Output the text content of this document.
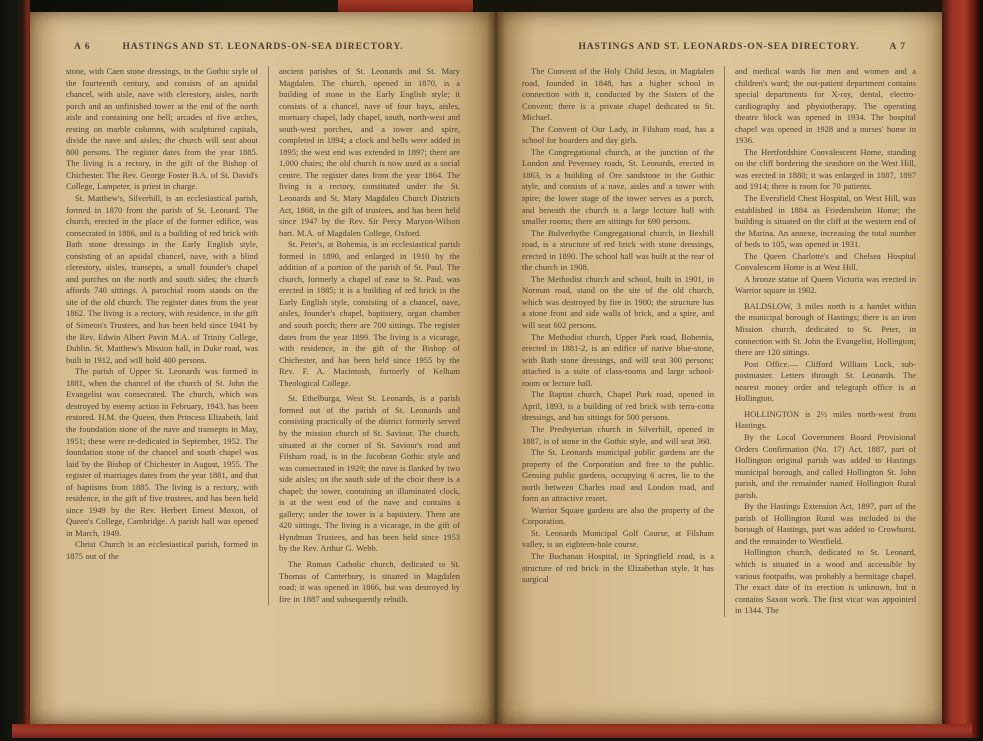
A 6	HASTINGS AND ST. LEONARDS-ON-SEA DIRECTORY.

stone, with Caen stone dressings, in the Gothic style of the fourteenth century, and consists of an apsidal chancel, with aisle, nave with clerestory, aisles, north porch and an unfinished tower at the end of the north aisle and containing one bell; arcades of five arches, resting on marble columns, with sculptured capitals, divide the nave and aisles; the church will seat about 800 persons. The register dates from the year 1885. The living is a rectory, in the gift of the Bishop of Chichester. The Rev. George Foster B.A. of St. David's College, Lampeter, is priest in charge.

St. Matthew's, Silverhill, is an ecclesiastical parish, formed in 1870 from the parish of St. Leonard. The church, erected in the place of the former edifice, was consecrated in 1886, and is a building of red brick with Bath stone dressings in the Early English style, consisting of an apsidal chancel, nave, with a blind clerestory, aisles, transepts, a small founder's chapel and porches on the north and south sides; the church affords 740 sittings. A parochial room stands on the site of the old church. The register dates from the year 1862. The living is a rectory, with residence, in the gift of Simeon's Trustees, and has been held since 1941 by the Rev. Edwin Albert Pavitt M.A. of Trinity College, Dublin. St. Matthew's Mission hall, in Duke road, was built in 1912, and will hold 400 persons.

The parish of Upper St. Leonards was formed in 1881, when the chancel of the church of St. John the Evangelist was consecrated. The church, which was destroyed by enemy action in February, 1943, has been restored. H.M. the Queen, then Princess Elizabeth, laid the foundation stone of the nave and transepts in May, 1951; these were re-dedicated in September, 1952. The foundation stone of the chancel and south chapel was laid by the Bishop of Chichester in August, 1955. The register of marriages dates from the year 1881, and that of baptisms from 1885. The living is a rectory, with residence, in the gift of five trustees, and has been held since 1949 by the Rev. Herbert Ernest Moxon, of Queen's College, Cambridge. A parish hall was opened in March, 1949.

Christ Church is an ecclesiastical parish, formed in 1875 out of the

ancient parishes of St. Leonards and St. Mary Magdalen. The church, opened in 1870, is a building of stone in the Early English style; it consists of a chancel, nave of four bays, aisles, mortuary chapel, lady chapel, south, north-west and south-west porches, and a tower and spire, completed in 1894; a clock and bells were added in 1895; the west end was extended in 1897; there are 1,000 chairs; the old church is now used as a social centre. The register dates from the year 1864. The living is a rectory, constituted under the St. Leonards and St. Mary Magdalen Church Districts Act, 1868, in the gift of trustees, and has been held since 1947 by the Rev. Sir Percy Maryon-Wilson bart. M.A. of Magdalen College, Oxford.

St. Peter's, at Bohemia, is an ecclesiastical parish formed in 1890, and enlarged in 1910 by the addition of a portion of the parish of St. Paul. The church, formerly a chapel of ease to St. Paul, was erected in 1885; it is a building of red brick in the Early English style, consisting of a chancel, nave, aisles, founder's chapel, baptistery, organ chamber and south porch; there are 700 sittings. The register dates from the year 1899. The living is a vicarage, with residence, in the gift of the Bishop of Chichester, and has been held since 1955 by the Rev. F. A. Macintosh, formerly of Kelham Theological College.

St. Ethelburga, West St. Leonards, is a parish formed out of the parish of St. Leonards and consisting practically of the district formerly served by the mission church of St. Saviour. The church, situated at the corner of St. Saviour's road and Filsham road, is in the Jacobean Gothic style and was consecrated in 1929; the nave is flanked by two side aisles; on the south side of the choir there is a chapel; the tower, containing an illuminated clock, is at the west end of the nave and contains a gallery; under the tower is a baptistery. There are 420 sittings. The living is a vicarage, in the gift of Hyndman Trustees, and has been held since 1953 by the Rev. Arthur G. Webb.

The Roman Catholic church, dedicated to St. Thomas of Canterbury, is situated in Magdalen road; it was opened in 1866, but was destroyed by fire in 1887 and subsequently rebuilt.

HASTINGS AND ST. LEONARDS-ON-SEA DIRECTORY.	A 7

The Convent of the Holy Child Jesus, in Magdalen road, founded in 1848, has a higher school in connection with it, conducted by the Sisters of the Convent; there is a private chapel dedicated to St. Michael.

The Convent of Our Lady, in Filsham road, has a school for boarders and day girls.

The Congregational church, at the junction of the London and Pevensey roads, St. Leonards, erected in 1863, is a building of Ore sandstone in the Gothic style, and consists of a nave, aisles and a tower with spire; the lower stage of the tower serves as a porch, and beneath the church is a large lecture hall with smaller rooms; there are sittings for 690 persons.

The Bulverhythe Congregational church, in Bexhill road, is a structure of red brick with stone dressings, erected in 1890. The school hall was built at the rear of the church in 1908.

The Methodist church and school, built in 1901, in Norman road, stand on the site of the old church, which was destroyed by fire in 1900; the structure has a stone front and side walls of brick, and a spire, and will seat 602 persons.

The Methodist church, Upper Park road, Bohemia, erected in 1881-2, is an edifice of native blue-stone, with Bath stone dressings, and will seat 300 persons; attached is a suite of class-rooms and large school-room or lecture hall.

The Baptist church, Chapel Park road, opened in April, 1893, is a building of red brick with terra-cotta dressings, and has sittings for 500 persons.

The Presbyterian church in Silverhill, opened in 1887, is of stone in the Gothic style, and will seat 360.

The St. Leonards municipal public gardens are the property of the Corporation and free to the public. Gensing public gardens, occupying 6 acres, lie to the north between Charles road and London road, and form an attractive resort.

Warrior Square gardens are also the property of the Corporation.

St. Leonards Municipal Golf Course, at Filsham valley, is an eighteen-hole course.

The Buchanan Hospital, in Springfield road, is a structure of red brick in the Elizabethan style. It has surgical

and medical wards for men and women and a children's ward; the out-patient department contains special departments for X-ray, dental, electro-cardiography and physiotherapy. The operating theatre block was opened in 1934. The hospital chapel was opened in 1928 and a nurses' home in 1936.

The Hertfordshire Convalescent Home, standing on the cliff bordering the seashore on the West Hill, was erected in 1880; it was enlarged in 1887, 1897 and 1914; there is room for 70 patients.

The Eversfield Chest Hospital, on West Hill, was established in 1884 as Friedensheim Home; the building is situated on the cliff at the western end of the Marina. An annexe, increasing the total number of beds to 105, was opened in 1931.

The Queen Charlotte's and Chelsea Hospital Convalescent Home is at West Hill.

A bronze statue of Queen Victoria was erected in Warrior square in 1902.

BALDSLOW, 3 miles north is a hamlet within the municipal borough of Hastings; there is an iron Mission church, dedicated to St. Peter, in connection with St. John the Evangelist, Hollington; there are 120 sittings.

Post Office.— Clifford William Luck, sub-postmaster. Letters through St. Leonards. The nearest money order and telegraph office is at Hollington.

HOLLINGTON is 2½ miles north-west from Hastings.

By the Local Government Board Provisional Orders Confirmation (No. 17) Act, 1887, part of Hollington original parish was added to Hastings municipal borough, and called Hollington St. John parish, and the remainder named Hollington Rural parish.

By the Hastings Extension Act, 1897, part of the parish of Hollington Rural was included in the borough of Hastings, part was added to Crowhurst, and the remainder to Westfield.

Hollington church, dedicated to St. Leonard, which is situated in a wood and accessible by various footpaths, was probably a hermitage chapel. The exact date of its erection is unknown, but it contains Saxon work. The first vicar was appointed in 1344. The
